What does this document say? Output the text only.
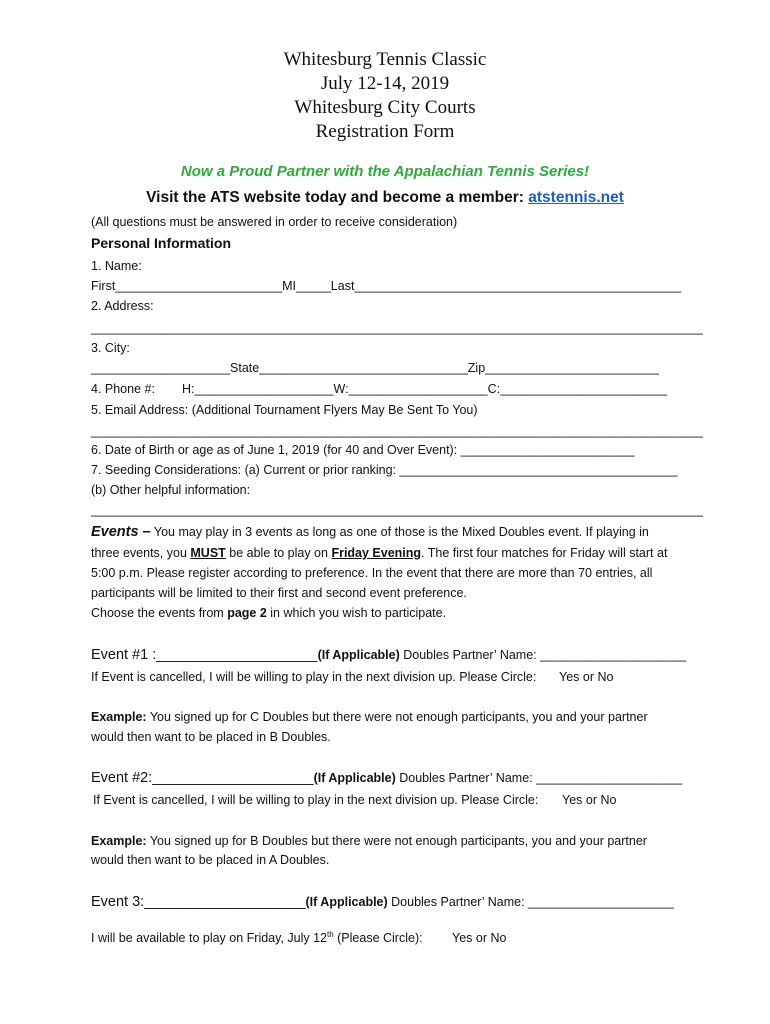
Whitesburg Tennis Classic
July 12-14, 2019
Whitesburg City Courts
Registration Form
Now a Proud Partner with the Appalachian Tennis Series!
Visit the ATS website today and become a member: atstennis.net
(All questions must be answered in order to receive consideration)
Personal Information
1. Name:
First________________________MI_____Last_______________________________________________
2. Address:
________________________________________________________________________________________
3. City:
____________________State______________________________Zip_________________________
4. Phone #: H:____________________W:____________________C:________________________
5. Email Address: (Additional Tournament Flyers May Be Sent To You)
________________________________________________________________________________________
6. Date of Birth or age as of June 1, 2019 (for 40 and Over Event): _________________________
7. Seeding Considerations: (a) Current or prior ranking: ________________________________________
(b) Other helpful information:
________________________________________________________________________________________
Events – You may play in 3 events as long as one of those is the Mixed Doubles event. If playing in
three events, you MUST be able to play on Friday Evening. The first four matches for Friday will start at
5:00 p.m. Please register according to preference. In the event that there are more than 70 entries, all
participants will be limited to their first and second event preference.
Choose the events from page 2 in which you wish to participate.
Event #1 :____________________(If Applicable) Doubles Partner’ Name: _____________________
If Event is cancelled, I will be willing to play in the next division up. Please Circle: Yes or No
Example: You signed up for C Doubles but there were not enough participants, you and your partner
would then want to be placed in B Doubles.
Event #2:____________________(If Applicable) Doubles Partner’ Name: _____________________
If Event is cancelled, I will be willing to play in the next division up. Please Circle: Yes or No
Example: You signed up for B Doubles but there were not enough participants, you and your partner
would then want to be placed in A Doubles.
Event 3:____________________(If Applicable) Doubles Partner’ Name: _____________________
I will be available to play on Friday, July 12th (Please Circle): Yes or No
